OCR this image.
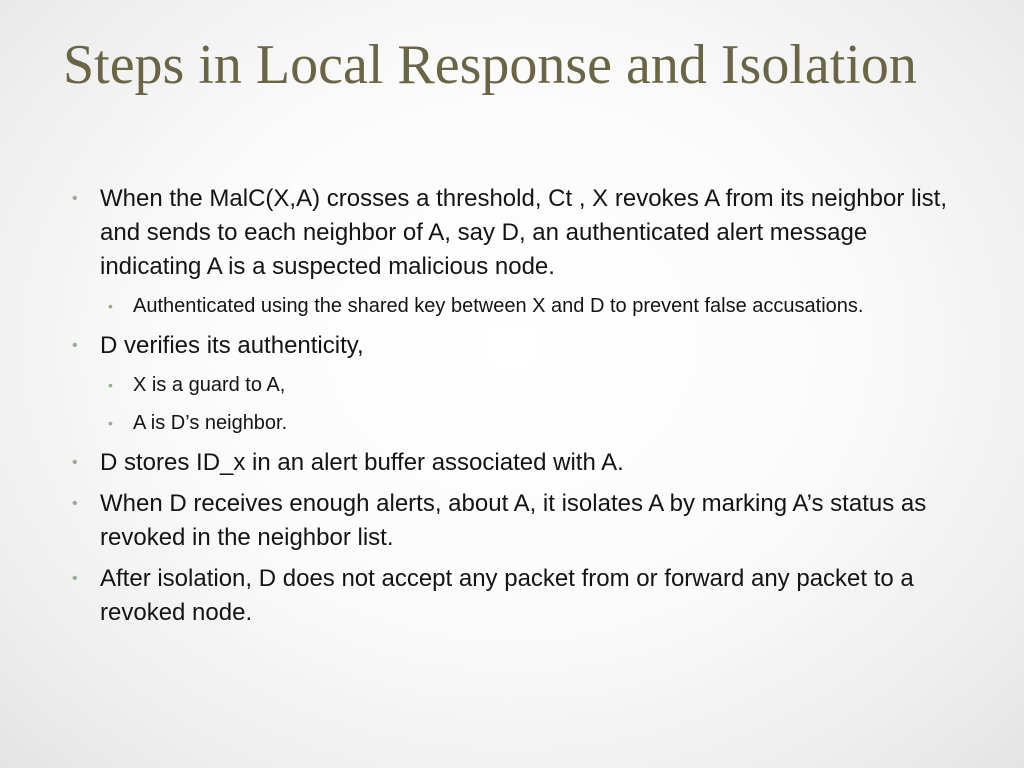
Steps in Local Response and Isolation
• When the MalC(X,A) crosses a threshold, Ct , X revokes A from its neighbor list, and sends to each neighbor of A, say D, an authenticated alert message indicating A is a suspected malicious node.
• Authenticated using the shared key between X and D to prevent false accusations.
• D verifies its authenticity,
• X is a guard to A,
• A is D’s neighbor.
• D stores ID_x in an alert buffer associated with A.
• When D receives enough alerts, about A, it isolates A by marking A’s status as revoked in the neighbor list.
• After isolation, D does not accept any packet from or forward any packet to a revoked node.
